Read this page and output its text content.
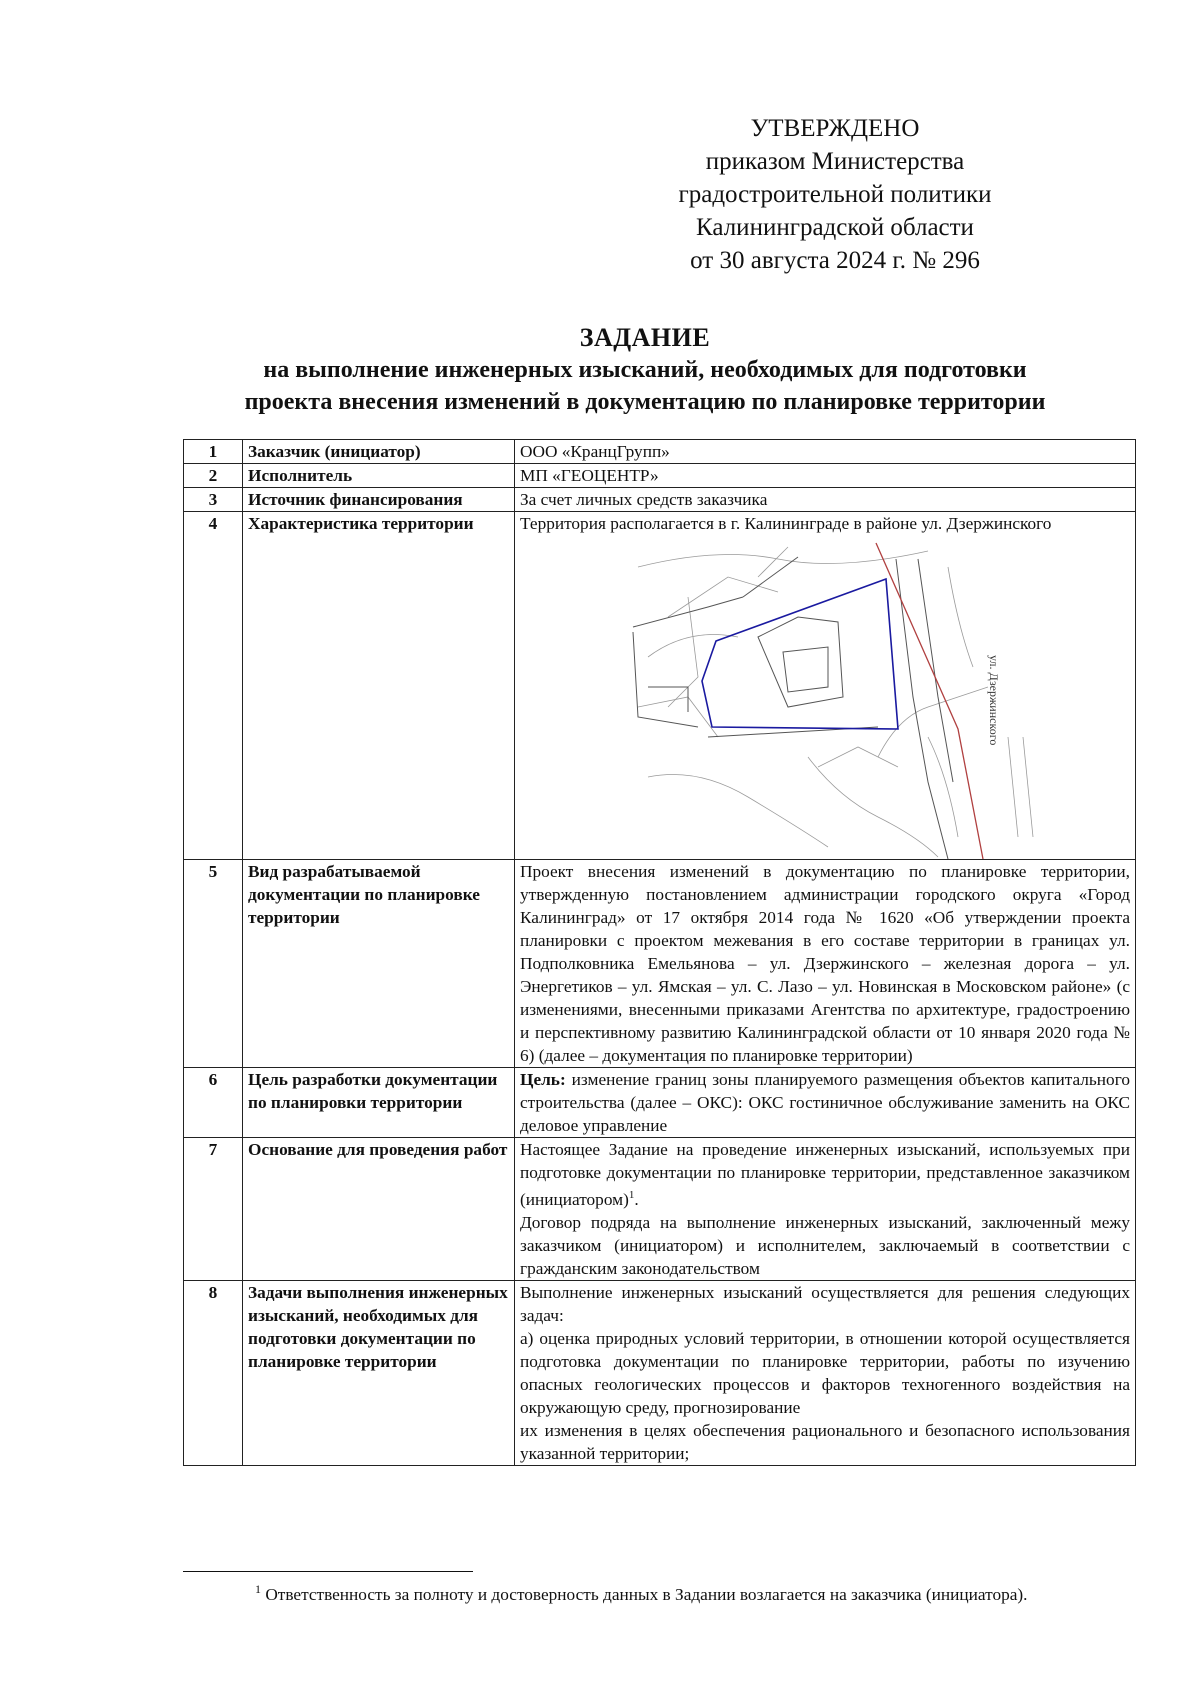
УТВЕРЖДЕНО
приказом Министерства
градостроительной политики
Калининградской области
от 30 августа 2024 г. № 296
ЗАДАНИЕ
на выполнение инженерных изысканий, необходимых для подготовки
проекта внесения изменений в документацию по планировке территории
1	Заказчик (инициатор)	ООО «КранцГрупп»
2	Исполнитель	МП «ГЕОЦЕНТР»
3	Источник финансирования	За счет личных средств заказчика
4	Характеристика территории	Территория располагается в г. Калининграде в районе ул. Дзержинского
ул. Дзержинского

5	Вид разрабатываемой документации по планировке территории	Проект внесения изменений в документацию по планировке территории, утвержденную постановлением администрации городского округа «Город Калининград» от 17 октября 2014 года № 1620 «Об утверждении проекта планировки с проектом межевания в его составе территории в границах ул. Подполковника Емельянова – ул. Дзержинского – железная дорога – ул. Энергетиков – ул. Ямская – ул. С. Лазо – ул. Новинская в Московском районе» (с изменениями, внесенными приказами Агентства по архитектуре, градостроению и перспективному развитию Калининградской области от 10 января 2020 года № 6) (далее – документация по планировке территории)
6	Цель разработки документации по планировки территории	Цель: изменение границ зоны планируемого размещения объектов капитального строительства (далее – ОКС): ОКС гостиничное обслуживание заменить на ОКС деловое управление
7	Основание для проведения работ	Настоящее Задание на проведение инженерных изысканий, используемых при подготовке документации по планировке территории, представленное заказчиком (инициатором)$^1$.
Договор подряда на выполнение инженерных изысканий, заключенный межу заказчиком (инициатором) и исполнителем, заключаемый в соответствии с гражданским законодательством

8	Задачи выполнения инженерных изысканий, необходимых для подготовки документации по планировке территории	Выполнение инженерных изысканий осуществляется для решения следующих задач:
а) оценка природных условий территории, в отношении которой осуществляется подготовка документации по планировке территории, работы по изучению опасных геологических процессов и факторов техногенного воздействия на окружающую среду, прогнозирование
их изменения в целях обеспечения рационального и безопасного использования указанной территории;
$^1$ Ответственность за полноту и достоверность данных в Задании возлагается на заказчика (инициатора).
